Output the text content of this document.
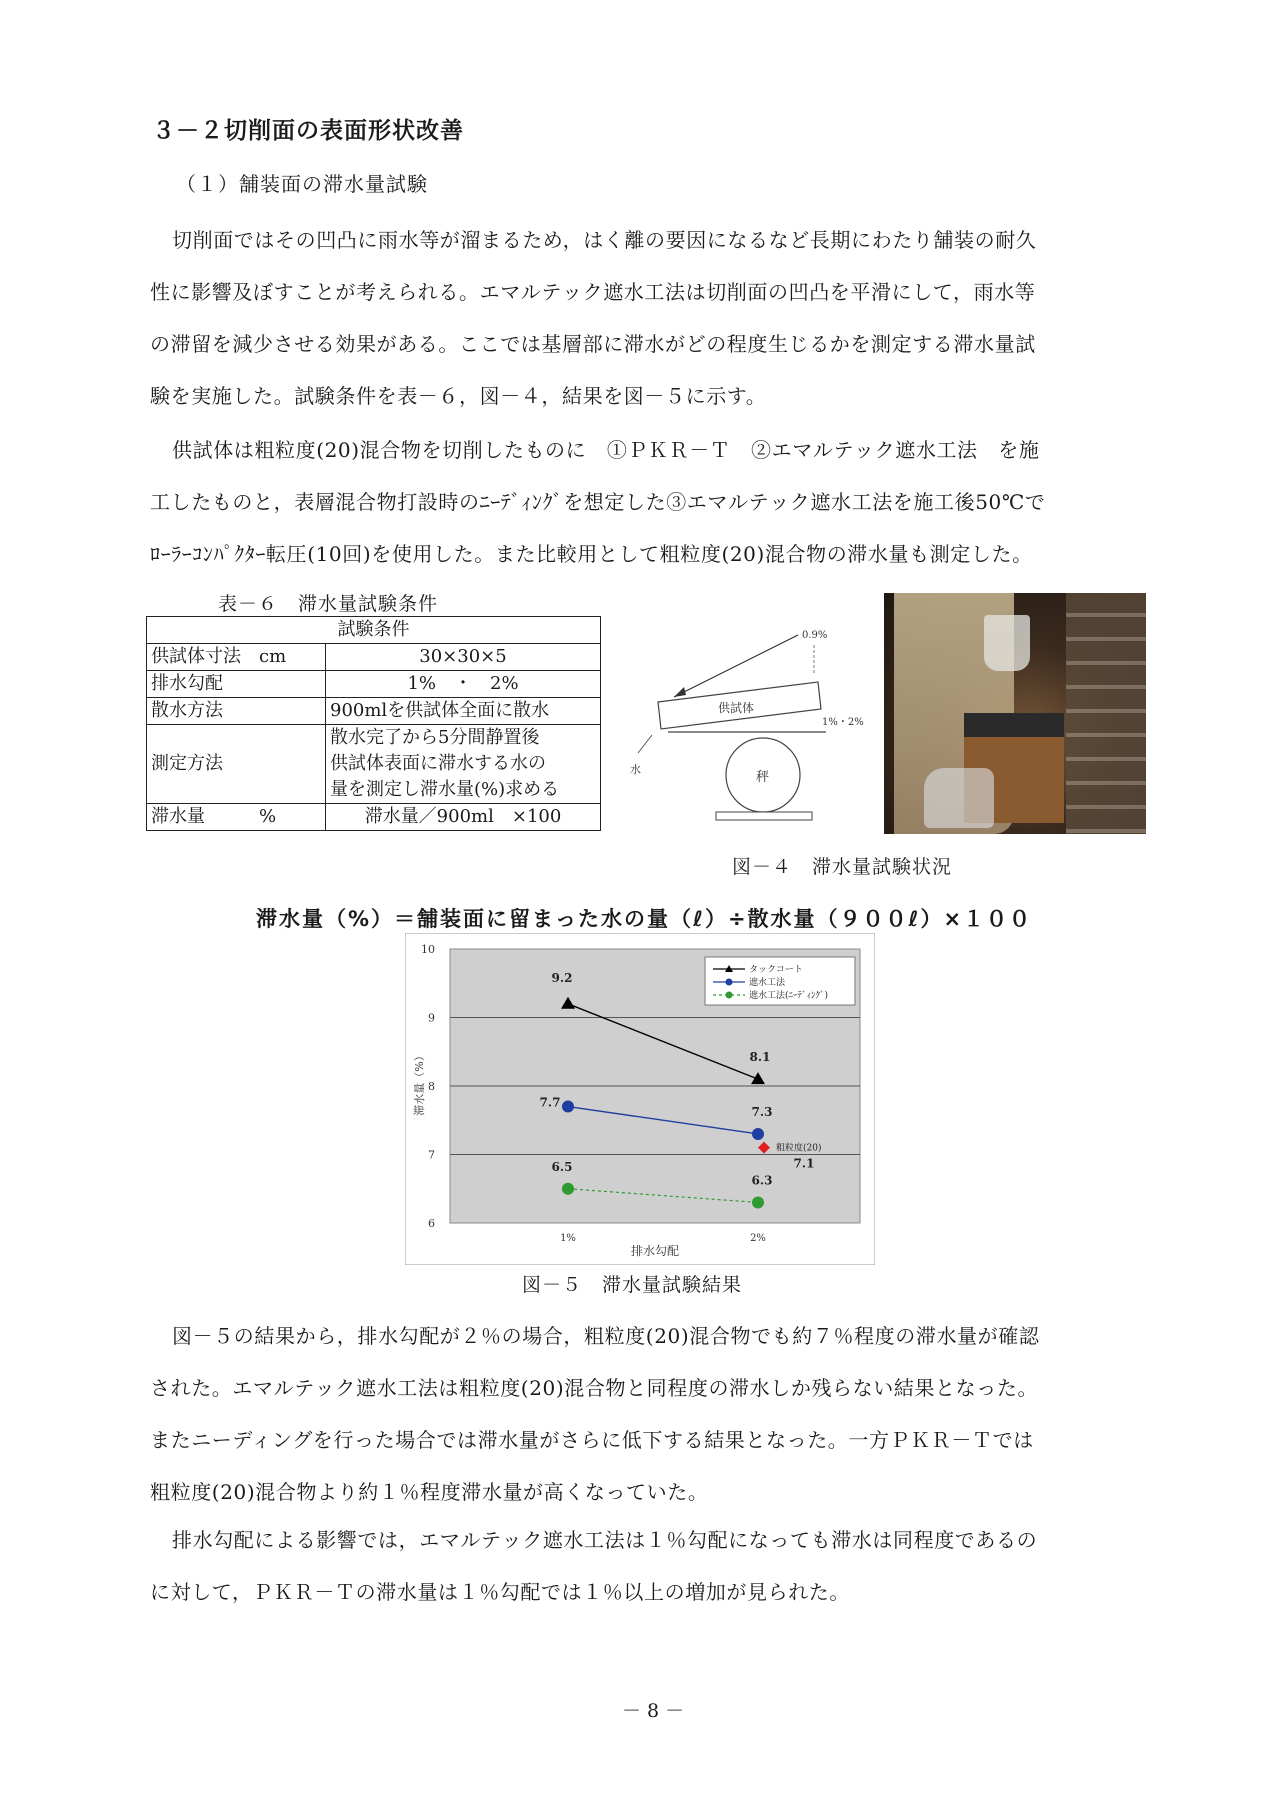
３－２切削面の表面形状改善
（１）舗装面の滞水量試験
切削面ではその凹凸に雨水等が溜まるため，はく離の要因になるなど長期にわたり舗装の耐久
性に影響及ぼすことが考えられる。エマルテック遮水工法は切削面の凹凸を平滑にして，雨水等
の滞留を減少させる効果がある。ここでは基層部に滞水がどの程度生じるかを測定する滞水量試
験を実施した。試験条件を表－６，図－４，結果を図－５に示す。
供試体は粗粒度(20)混合物を切削したものに　①ＰＫＲ－Ｔ　②エマルテック遮水工法　を施
工したものと，表層混合物打設時のﾆｰﾃﾞｨﾝｸﾞを想定した③エマルテック遮水工法を施工後50℃で
ﾛｰﾗｰｺﾝﾊﾟｸﾀｰ転圧(10回)を使用した。また比較用として粗粒度(20)混合物の滞水量も測定した。
表－６　滞水量試験条件
試験条件	
供試体寸法　cm	30×30×5
排水勾配	1%　・　2%
散水方法	900mlを供試体全面に散水
測定方法	散水完了から5分間静置後
供試体表面に滞水する水の
量を測定し滞水量(%)求める

滞水量　　　%	滞水量／900ml　×100
0.9%
供試体
1%・2%
水
秤
図－４　滞水量試験状況
滞水量（%）＝舗装面に留まった水の量（ℓ）÷散水量（９００ℓ）×１００
6
7
8
9
10
1%	2%
滞水量（%）
排水勾配
9.2
8.1
7.7
7.3
6.5
6.3
粗粒度(20)
7.1
タックコート
遮水工法
遮水工法(ﾆｰﾃﾞｨﾝｸﾞ)
図－５　滞水量試験結果
図－５の結果から，排水勾配が２％の場合，粗粒度(20)混合物でも約７％程度の滞水量が確認
された。エマルテック遮水工法は粗粒度(20)混合物と同程度の滞水しか残らない結果となった。
またニーディングを行った場合では滞水量がさらに低下する結果となった。一方ＰＫＲ－Ｔでは
粗粒度(20)混合物より約１％程度滞水量が高くなっていた。
排水勾配による影響では，エマルテック遮水工法は１％勾配になっても滞水は同程度であるの
に対して，ＰＫＲ－Ｔの滞水量は１％勾配では１％以上の増加が見られた。
－ 8 －
